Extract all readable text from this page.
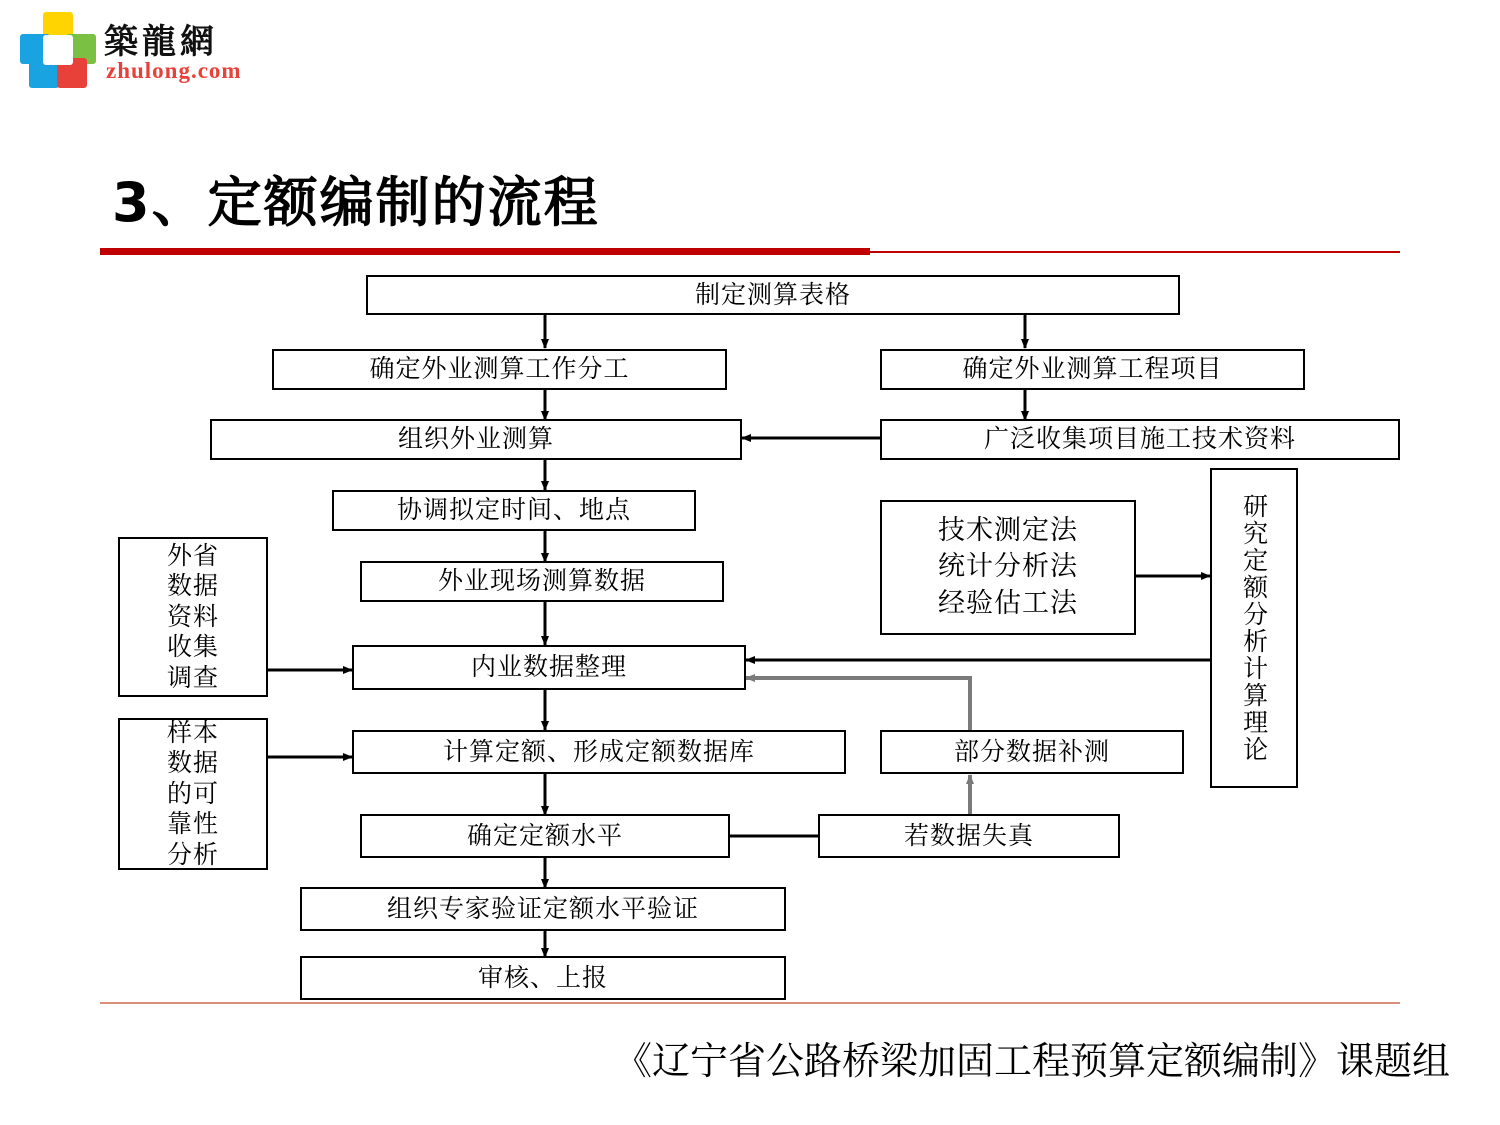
築龍網
zhulong.com
3、定额编制的流程
制定测算表格
确定外业测算工作分工	确定外业测算工程项目
组织外业测算	广泛收集项目施工技术资料
协调拟定时间、地点
外业现场测算数据
外省
数据
资料
收集
调查	内业数据整理
技术测定法
统计分析法
经验估工法	研究定额分析计算理论
样本
数据
的可
靠性
分析
计算定额、形成定额数据库	部分数据补测
确定定额水平	若数据失真
组织专家验证定额水平验证
审核、上报
《辽宁省公路桥梁加固工程预算定额编制》课题组
